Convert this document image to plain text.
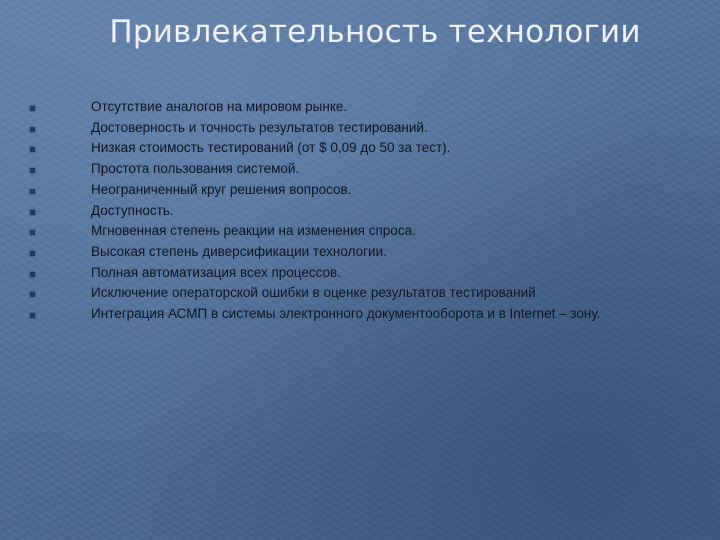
Привлекательность технологии
Отсутствие аналогов на мировом рынке.
Достоверность и точность результатов тестирований.
Низкая стоимость тестирований (от $ 0,09 до 50 за тест).
Простота пользования системой.
Неограниченный круг решения вопросов.
Доступность.
Мгновенная степень реакции на изменения спроса.
Высокая степень диверсификации технологии.
Полная автоматизация всех процессов.
Исключение операторской ошибки в оценке результатов тестирований
Интеграция АСМП в системы электронного документооборота и в Internet – зону.
